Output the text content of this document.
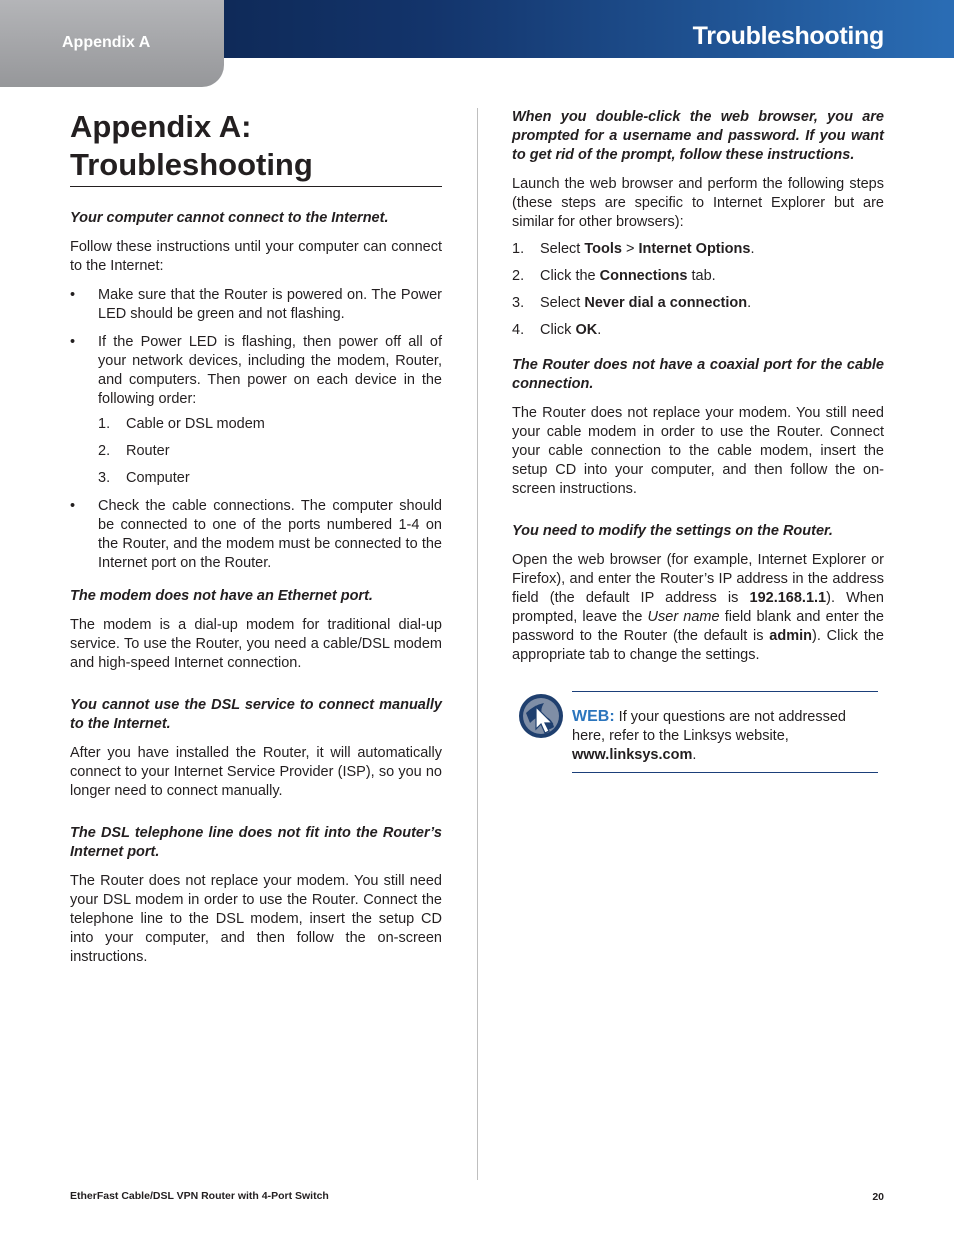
Troubleshooting
Appendix A
Appendix A:
Troubleshooting
Your computer cannot connect to the Internet.

Follow these instructions until your computer can connect to the Internet:

• Make sure that the Router is powered on. The Power LED should be green and not flashing.
• If the Power LED is flashing, then power off all of your network devices, including the modem, Router, and computers. Then power on each device in the following order:
1. Cable or DSL modem
2. Router
3. Computer
• Check the cable connections. The computer should be connected to one of the ports numbered 1-4 on the Router, and the modem must be connected to the Internet port on the Router.
The modem does not have an Ethernet port.

The modem is a dial-up modem for traditional dial-up service. To use the Router, you need a cable/DSL modem and high-speed Internet connection.

You cannot use the DSL service to connect manually to the Internet.

After you have installed the Router, it will automatically connect to your Internet Service Provider (ISP), so you no longer need to connect manually.

The DSL telephone line does not fit into the Router’s Internet port.

The Router does not replace your modem. You still need your DSL modem in order to use the Router. Connect the telephone line to the DSL modem, insert the setup CD into your computer, and then follow the on-screen instructions.

When you double-click the web browser, you are prompted for a username and password. If you want to get rid of the prompt, follow these instructions.

Launch the web browser and perform the following steps (these steps are specific to Internet Explorer but are similar for other browsers):

1. Select Tools > Internet Options.
2. Click the Connections tab.
3. Select Never dial a connection.
4. Click OK.
The Router does not have a coaxial port for the cable connection.

The Router does not replace your modem. You still need your cable modem in order to use the Router. Connect your cable connection to the cable modem, insert the setup CD into your computer, and then follow the on-screen instructions.

You need to modify the settings on the Router.

Open the web browser (for example, Internet Explorer or Firefox), and enter the Router’s IP address in the address field (the default IP address is 192.168.1.1). When prompted, leave the User name field blank and enter the password to the Router (the default is admin). Click the appropriate tab to change the settings.

WEB: If your questions are not addressed here, refer to the Linksys website, www.linksys.com.
EtherFast Cable/DSL VPN Router with 4-Port Switch	20
